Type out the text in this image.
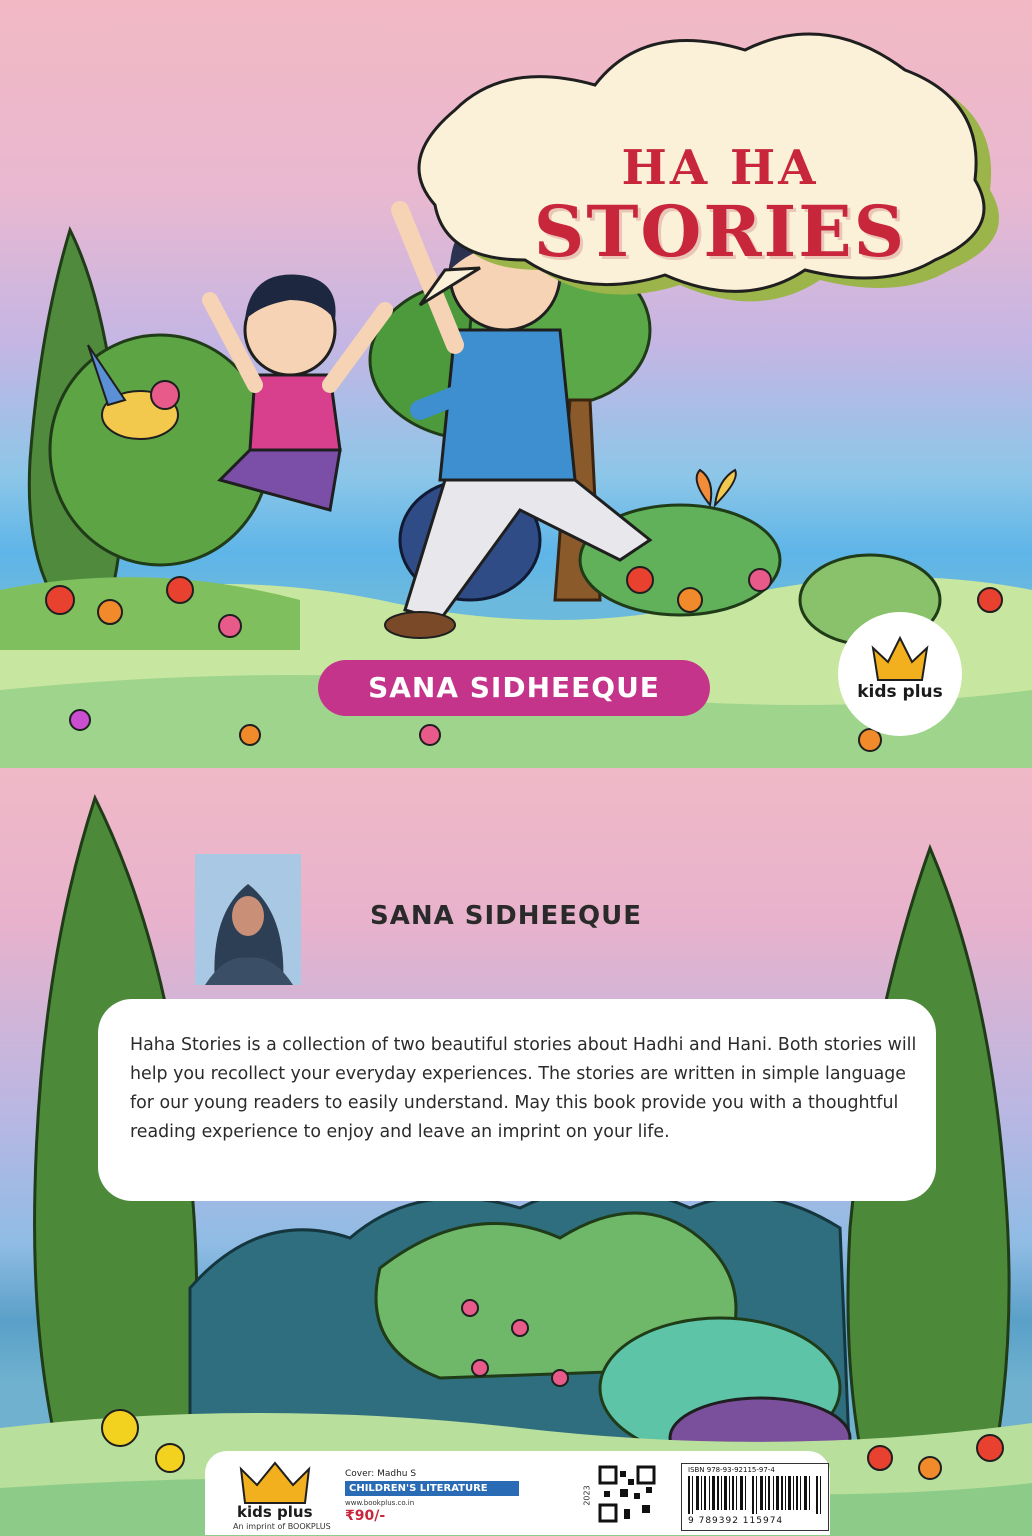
HA HA
STORIES
SANA SIDHEEQUE	kids plus
SANA SIDHEEQUE
Haha Stories is a collection of two beautiful stories about Hadhi and Hani. Both stories will help you recollect your everyday experiences. The stories are written in simple language for our young readers to easily understand. May this book provide you with a thoughtful reading experience to enjoy and leave an imprint on your life.
kids plus
An imprint of BOOKPLUS
Cover: Madhu S
CHILDREN'S LITERATURE
www.bookplus.co.in
₹90/-
2023
ISBN 978-93-92115-97-4
9 789392 115974
